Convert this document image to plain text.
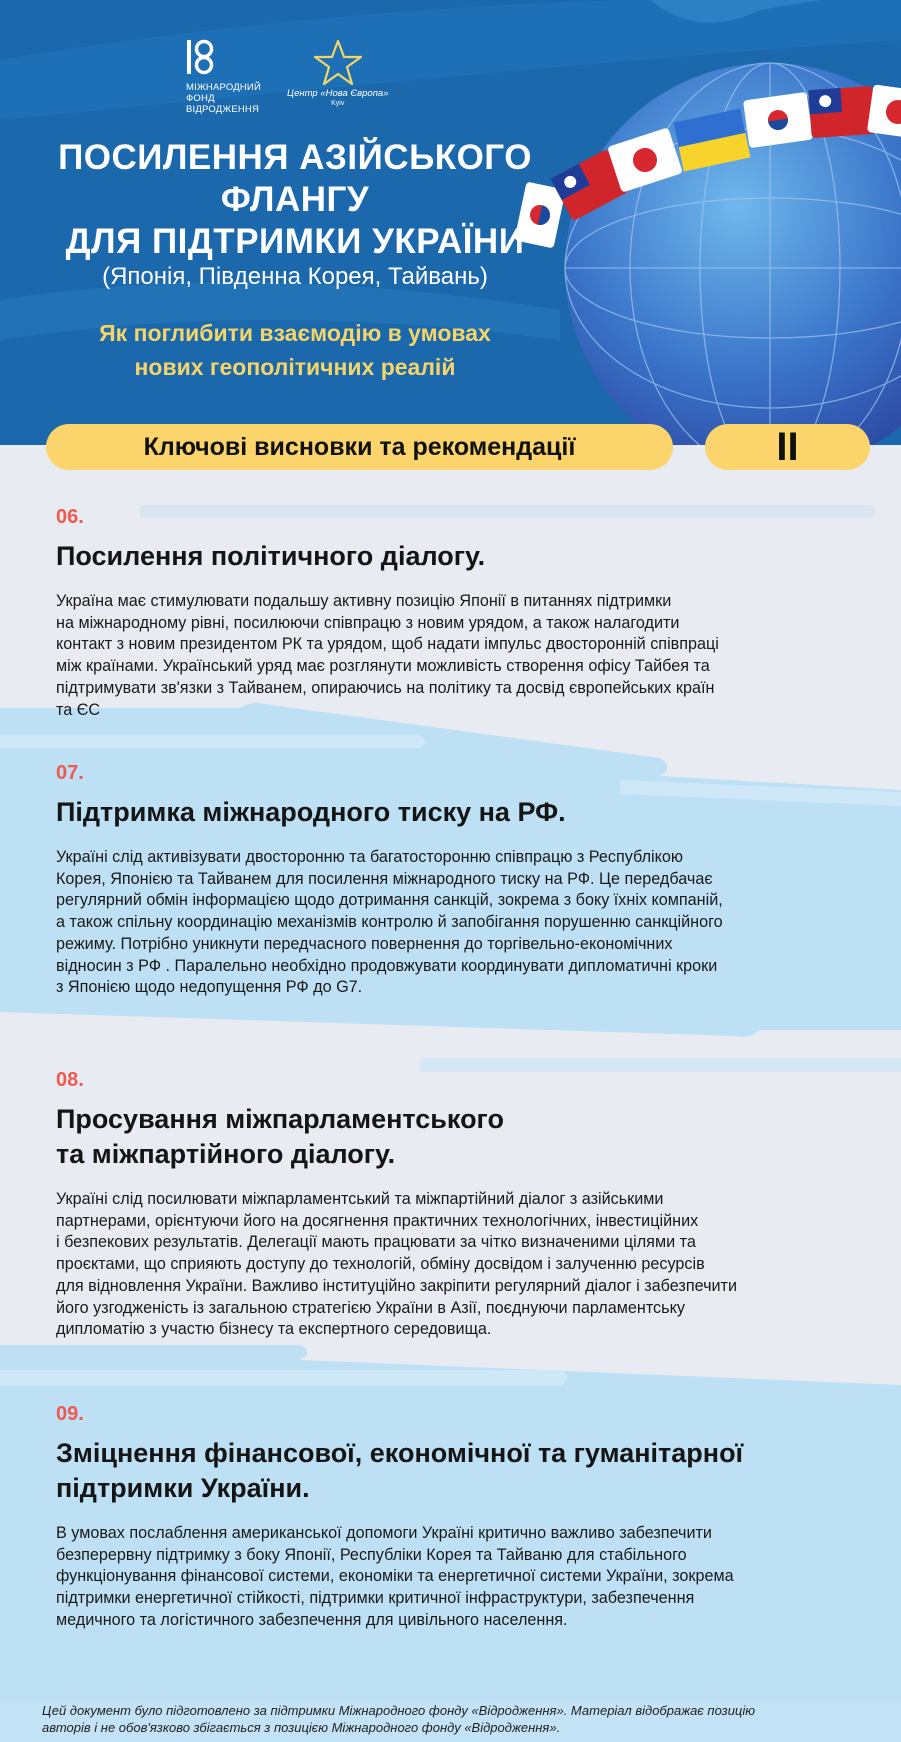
МІЖНАРОДНИЙ
ФОНД
ВІДРОДЖЕННЯ
Центр «Нова Європа»
Kyiv
ПОСИЛЕННЯ АЗІЙСЬКОГО
ФЛАНГУ
ДЛЯ ПІДТРИМКИ УКРАЇНИ
(Японія, Південна Корея, Тайвань)
Як поглибити взаємодію в умовах
нових геополітичних реалій
Ключові висновки та рекомендації	II
06.
Посилення політичного діалогу.
Україна має стимулювати подальшу активну позицію Японії в питаннях підтримки
на міжнародному рівні, посилюючи співпрацю з новим урядом, а також налагодити
контакт з новим президентом РК та урядом, щоб надати імпульс двосторонній співпраці
між країнами. Український уряд має розглянути можливість створення офісу Тайбея та
підтримувати зв'язки з Тайванем, опираючись на політику та досвід європейських країн
та ЄС
07.
Підтримка міжнародного тиску на РФ.
Україні слід активізувати двосторонню та багатосторонню співпрацю з Республікою
Корея, Японією та Тайванем для посилення міжнародного тиску на РФ. Це передбачає
регулярний обмін інформацією щодо дотримання санкцій, зокрема з боку їхніх компаній,
а також спільну координацію механізмів контролю й запобігання порушенню санкційного
режиму. Потрібно уникнути передчасного повернення до торгівельно-економічних
відносин з РФ . Паралельно необхідно продовжувати координувати дипломатичні кроки
з Японією щодо недопущення РФ до G7.
08.
Просування міжпарламентського
та міжпартійного діалогу.
Україні слід посилювати міжпарламентський та міжпартійний діалог з азійськими
партнерами, орієнтуючи його на досягнення практичних технологічних, інвестиційних
і безпекових результатів. Делегації мають працювати за чітко визначеними цілями та
проєктами, що сприяють доступу до технологій, обміну досвідом і залученню ресурсів
для відновлення України. Важливо інституційно закріпити регулярний діалог і забезпечити
його узгодженість із загальною стратегією України в Азії, поєднуючи парламентську
дипломатію з участю бізнесу та експертного середовища.
09.
Зміцнення фінансової, економічної та гуманітарної
підтримки України.
В умовах послаблення американської допомоги Україні критично важливо забезпечити
безперервну підтримку з боку Японії, Республіки Корея та Тайваню для стабільного
функціонування фінансової системи, економіки та енергетичної системи України, зокрема
підтримки енергетичної стійкості, підтримки критичної інфраструктури, забезпечення
медичного та логістичного забезпечення для цивільного населення.
Цей документ було підготовлено за підтримки Міжнародного фонду «Відродження». Матеріал відображає позицію
авторів і не обов'язково збігається з позицією Міжнародного фонду «Відродження».
